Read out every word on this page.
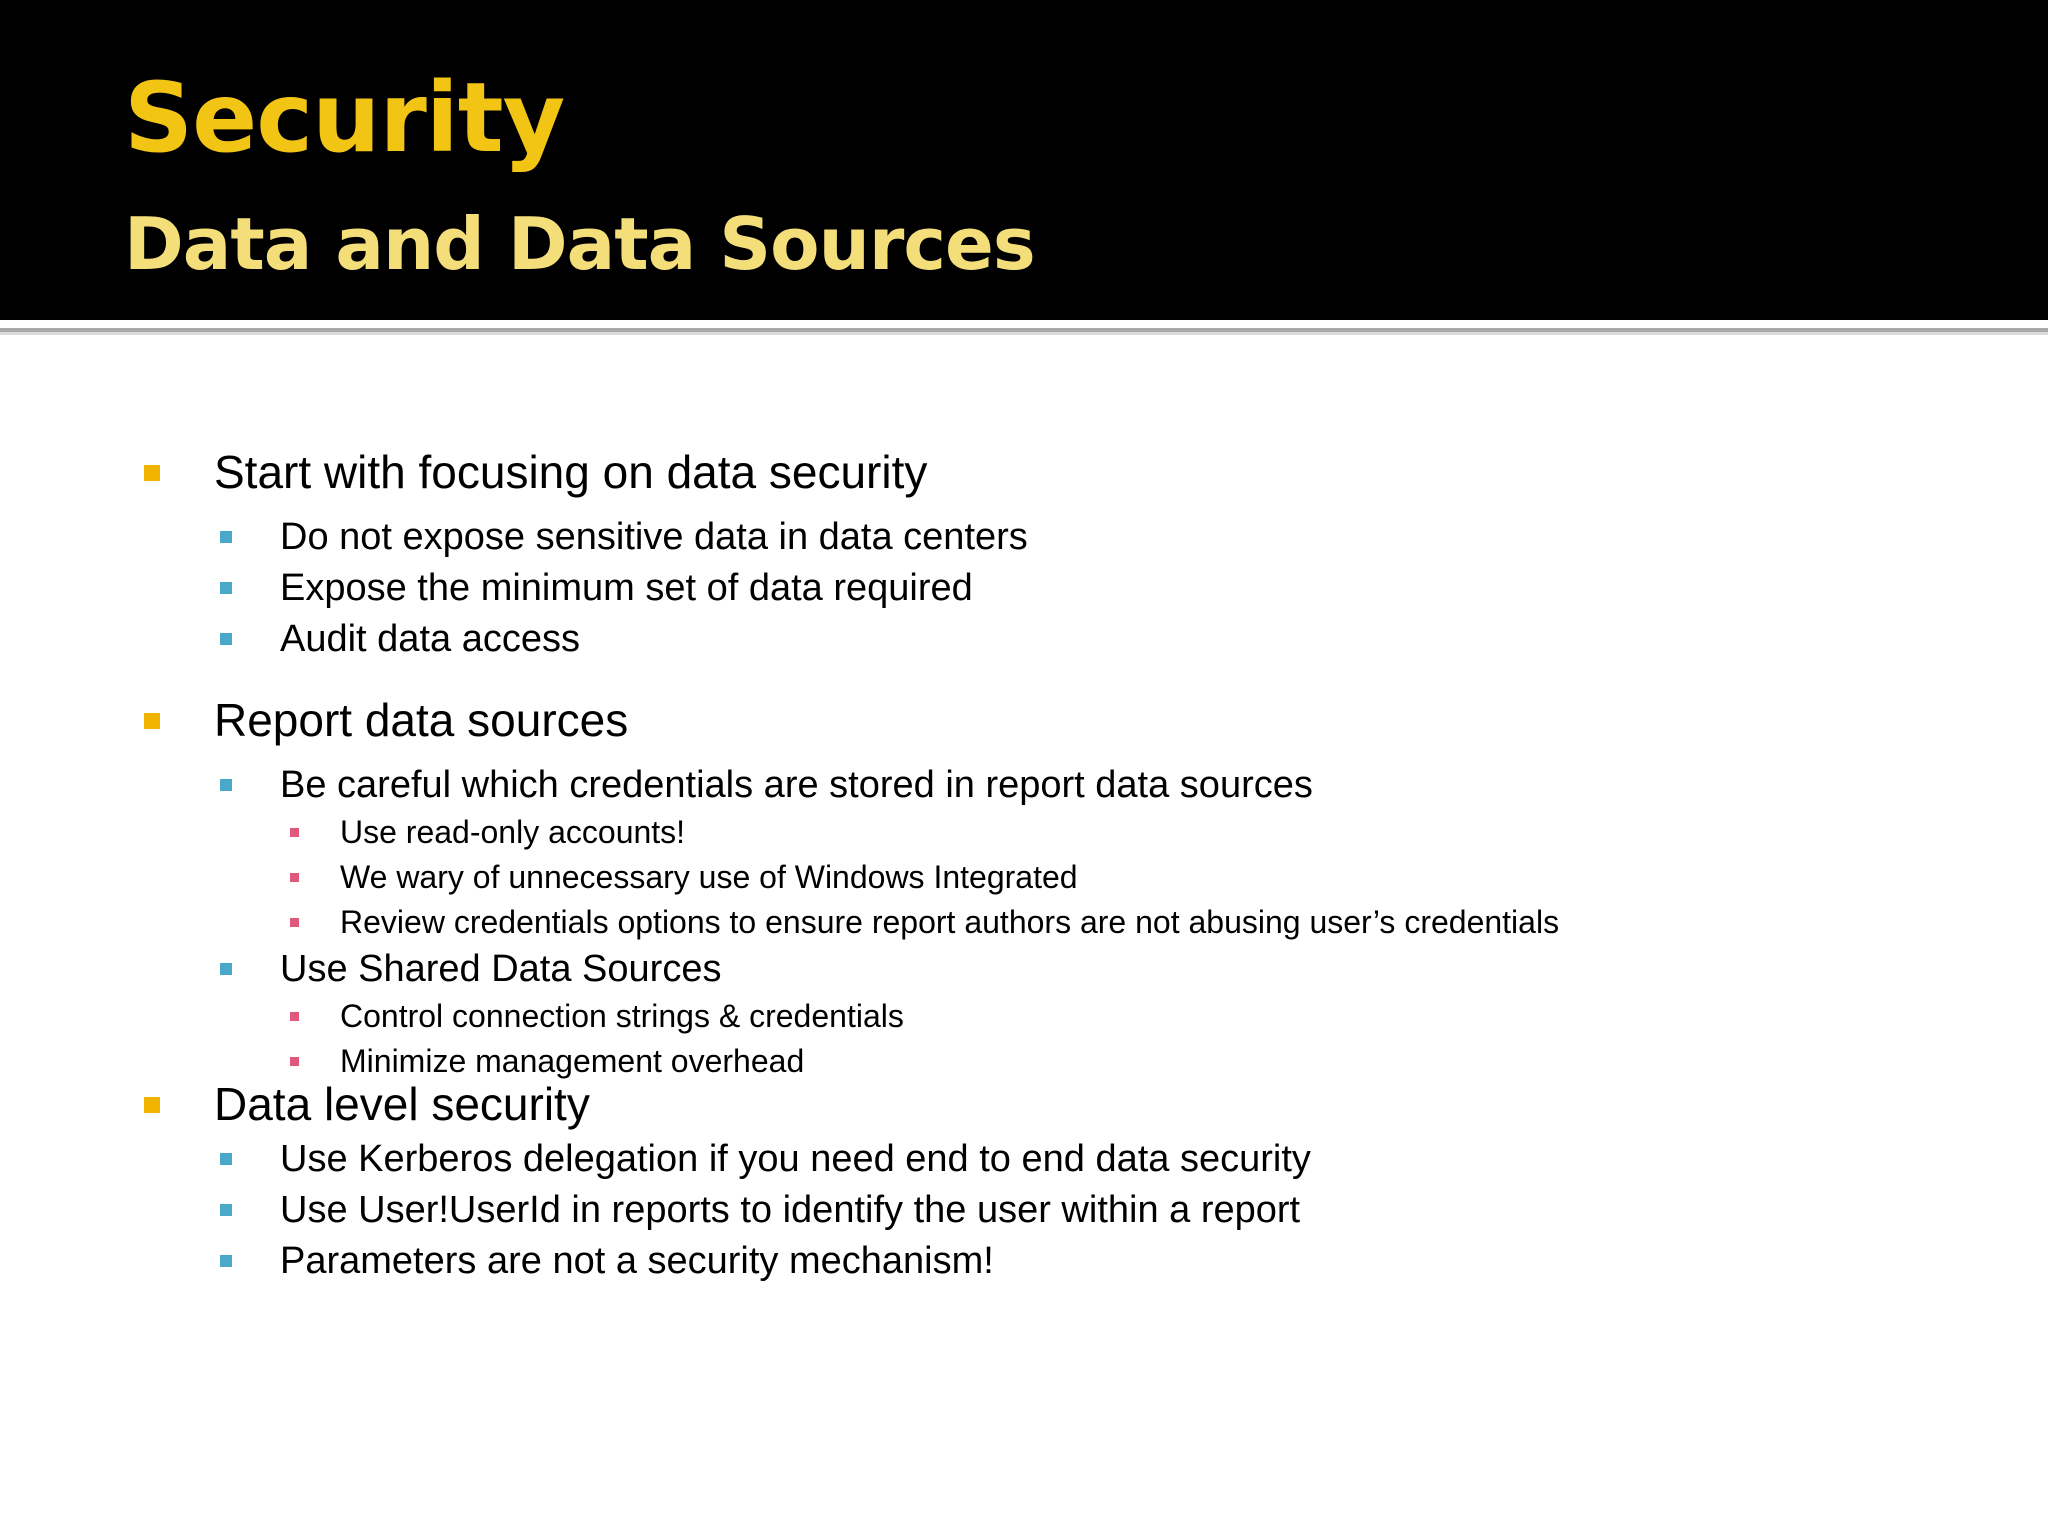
Security
Data and Data Sources
Start with focusing on data security
Do not expose sensitive data in data centers
Expose the minimum set of data required
Audit data access
Report data sources
Be careful which credentials are stored in report data sources
Use read-only accounts!
We wary of unnecessary use of Windows Integrated
Review credentials options to ensure report authors are not abusing user’s credentials
Use Shared Data Sources
Control connection strings & credentials
Minimize management overhead
Data level security
Use Kerberos delegation if you need end to end data security
Use User!UserId in reports to identify the user within a report
Parameters are not a security mechanism!
